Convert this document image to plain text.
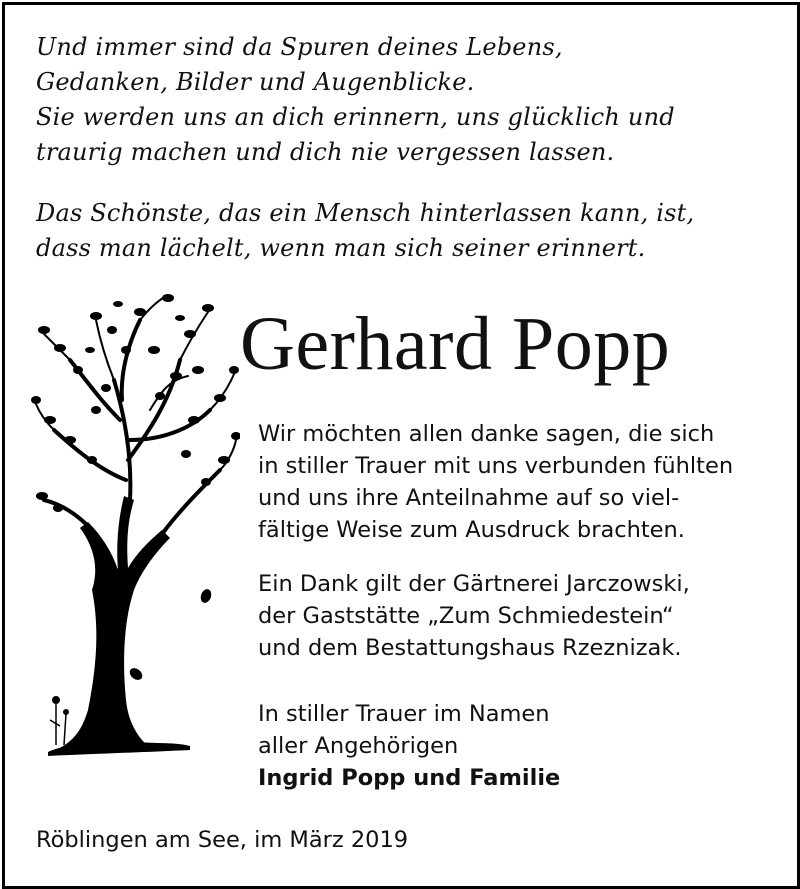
Und immer sind da Spuren deines Lebens,
Gedanken, Bilder und Augenblicke.
Sie werden uns an dich erinnern, uns glücklich und
traurig machen und dich nie vergessen lassen.
Das Schönste, das ein Mensch hinterlassen kann, ist,
dass man lächelt, wenn man sich seiner erinnert.
Gerhard Popp
Wir möchten allen danke sagen, die sich
in stiller Trauer mit uns verbunden fühlten
und uns ihre Anteilnahme auf so viel-
fältige Weise zum Ausdruck brachten.
Ein Dank gilt der Gärtnerei Jarczowski,
der Gaststätte „Zum Schmiedestein“
und dem Bestattungshaus Rzeznizak.
In stiller Trauer im Namen
aller Angehörigen
Ingrid Popp und Familie
Röblingen am See, im März 2019
